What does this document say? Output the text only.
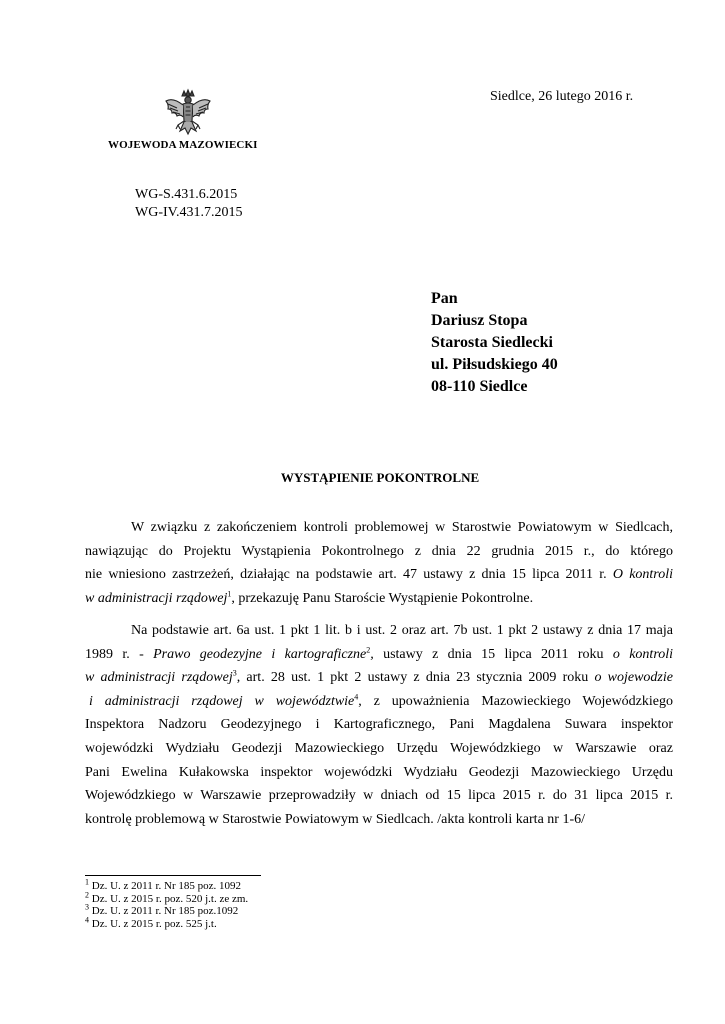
WOJEWODA MAZOWIECKI
Siedlce, 26 lutego 2016 r.
WG-S.431.6.2015
WG-IV.431.7.2015
Pan
Dariusz Stopa
Starosta Siedlecki
ul. Piłsudskiego 40
08-110 Siedlce
WYSTĄPIENIE POKONTROLNE
W związku z zakończeniem kontroli problemowej w Starostwie Powiatowym w Siedlcach,
nawiązując do Projektu Wystąpienia Pokontrolnego z dnia 22 grudnia 2015 r., do którego
nie wniesiono zastrzeżeń, działając na podstawie art. 47 ustawy z dnia 15 lipca 2011 r. O kontroli
w administracji rządowej$^1$, przekazuję Panu Staroście Wystąpienie Pokontrolne.
Na podstawie art. 6a ust. 1 pkt 1 lit. b i ust. 2 oraz art. 7b ust. 1 pkt 2 ustawy z dnia 17 maja
1989 r. - Prawo geodezyjne i kartograficzne$^2$, ustawy z dnia 15 lipca 2011 roku o kontroli
w administracji rządowej$^3$, art. 28 ust. 1 pkt 2 ustawy z dnia 23 stycznia 2009 roku o wojewodzie
i administracji rządowej w województwie$^4$, z upoważnienia Mazowieckiego Wojewódzkiego
Inspektora Nadzoru Geodezyjnego i Kartograficznego, Pani Magdalena Suwara inspektor
wojewódzki Wydziału Geodezji Mazowieckiego Urzędu Wojewódzkiego w Warszawie oraz
Pani Ewelina Kułakowska inspektor wojewódzki Wydziału Geodezji Mazowieckiego Urzędu
Wojewódzkiego w Warszawie przeprowadziły w dniach od 15 lipca 2015 r. do 31 lipca 2015 r.
kontrolę problemową w Starostwie Powiatowym w Siedlcach. /akta kontroli karta nr 1-6/
$^1$ Dz. U. z 2011 r. Nr 185 poz. 1092
$^2$ Dz. U. z 2015 r. poz. 520 j.t. ze zm.
$^3$ Dz. U. z 2011 r. Nr 185 poz.1092
$^4$ Dz. U. z 2015 r. poz. 525 j.t.
